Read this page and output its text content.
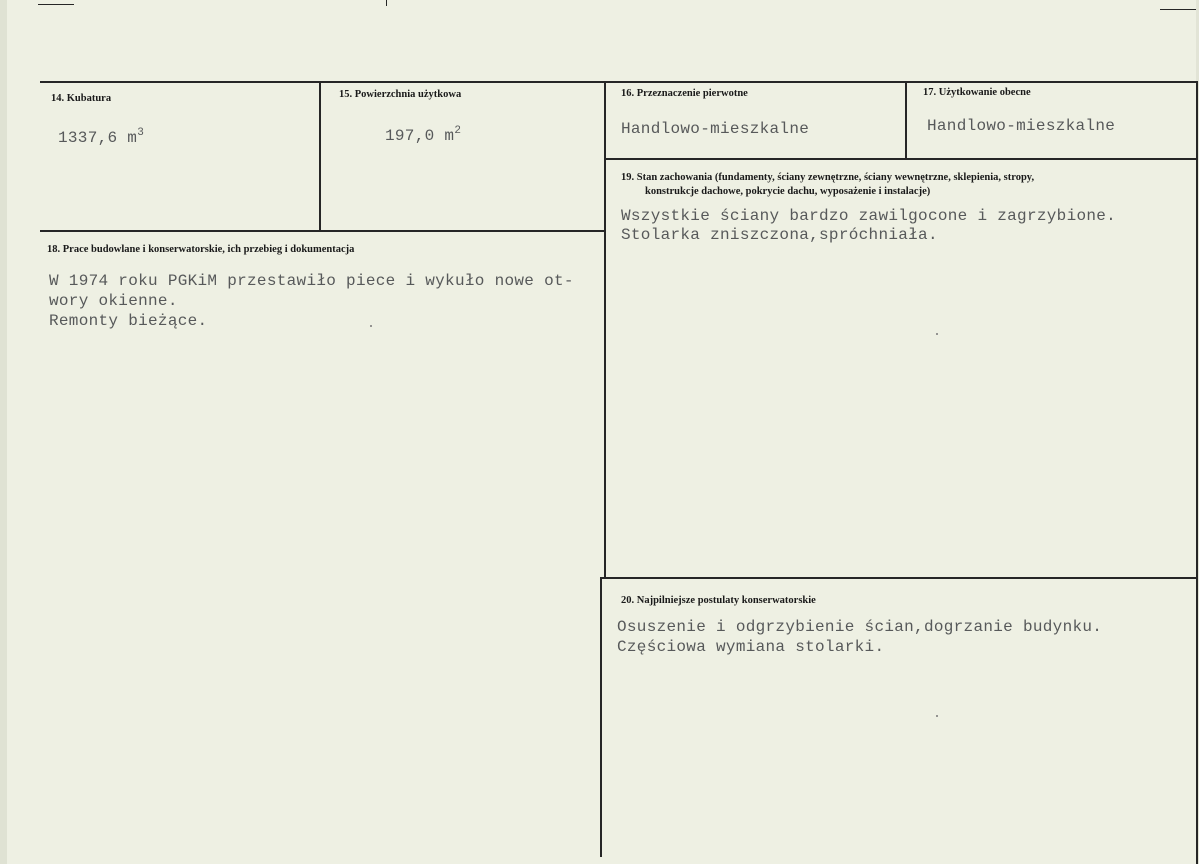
14. Kubatura
1337,6 $m^3$
15. Powierzchnia użytkowa
197,0 $m^2$
16. Przeznaczenie pierwotne
Handlowo-mieszkalne
17. Użytkowanie obecne
Handlowo-mieszkalne
18. Prace budowlane i konserwatorskie, ich przebieg i dokumentacja
W 1974 roku PGKiM przestawiło piece i wykuło nowe ot-
wory okienne.
Remonty bieżące.
19. Stan zachowania (fundamenty, ściany zewnętrzne, ściany wewnętrzne, sklepienia, stropy,
konstrukcje dachowe, pokrycie dachu, wyposażenie i instalacje)
Wszystkie ściany bardzo zawilgocone i zagrzybione.
Stolarka zniszczona,spróchniała.
20. Najpilniejsze postulaty konserwatorskie
Osuszenie i odgrzybienie ścian,dogrzanie budynku.
Częściowa wymiana stolarki.
